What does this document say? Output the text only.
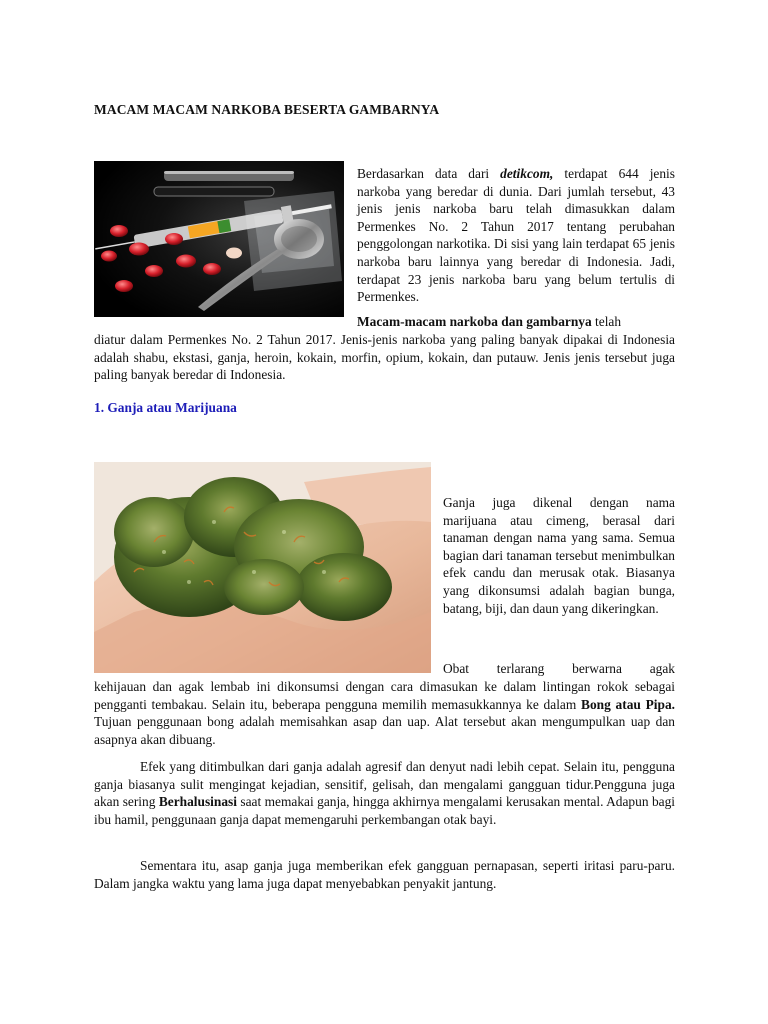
MACAM MACAM NARKOBA BESERTA GAMBARNYA

Berdasarkan data dari detikcom, terdapat 644 jenis narkoba yang beredar di dunia. Dari jumlah tersebut, 43 jenis jenis narkoba baru telah dimasukkan dalam Permenkes No. 2 Tahun 2017 tentang perubahan penggolongan narkotika. Di sisi yang lain terdapat 65 jenis narkoba baru lainnya yang beredar di Indonesia. Jadi, terdapat 23 jenis narkoba baru yang belum tertulis di Permenkes.

Macam-macam narkoba dan gambarnya telah

diatur dalam Permenkes No. 2 Tahun 2017. Jenis-jenis narkoba yang paling banyak dipakai di Indonesia adalah shabu, ekstasi, ganja, heroin, kokain, morfin, opium, kokain, dan putauw. Jenis jenis tersebut juga paling banyak beredar di Indonesia.

1. Ganja atau Marijuana

Ganja juga dikenal dengan nama marijuana atau cimeng, berasal dari tanaman dengan nama yang sama. Semua bagian dari tanaman tersebut menimbulkan efek candu dan merusak otak. Biasanya yang dikonsumsi adalah bagian bunga, batang, biji, dan daun yang dikeringkan.

Obat terlarang berwarna agak

kehijauan dan agak lembab ini dikonsumsi dengan cara dimasukan ke dalam lintingan rokok sebagai pengganti tembakau. Selain itu, beberapa pengguna memilih memasukkannya ke dalam Bong atau Pipa. Tujuan penggunaan bong adalah memisahkan asap dan uap. Alat tersebut akan mengumpulkan uap dan asapnya akan dibuang.

Efek yang ditimbulkan dari ganja adalah agresif dan denyut nadi lebih cepat. Selain itu, pengguna ganja biasanya sulit mengingat kejadian, sensitif, gelisah, dan mengalami gangguan tidur.Pengguna juga akan sering Berhalusinasi saat memakai ganja, hingga akhirnya mengalami kerusakan mental. Adapun bagi ibu hamil, penggunaan ganja dapat memengaruhi perkembangan otak bayi.

Sementara itu, asap ganja juga memberikan efek gangguan pernapasan, seperti iritasi paru-paru. Dalam jangka waktu yang lama juga dapat menyebabkan penyakit jantung.
